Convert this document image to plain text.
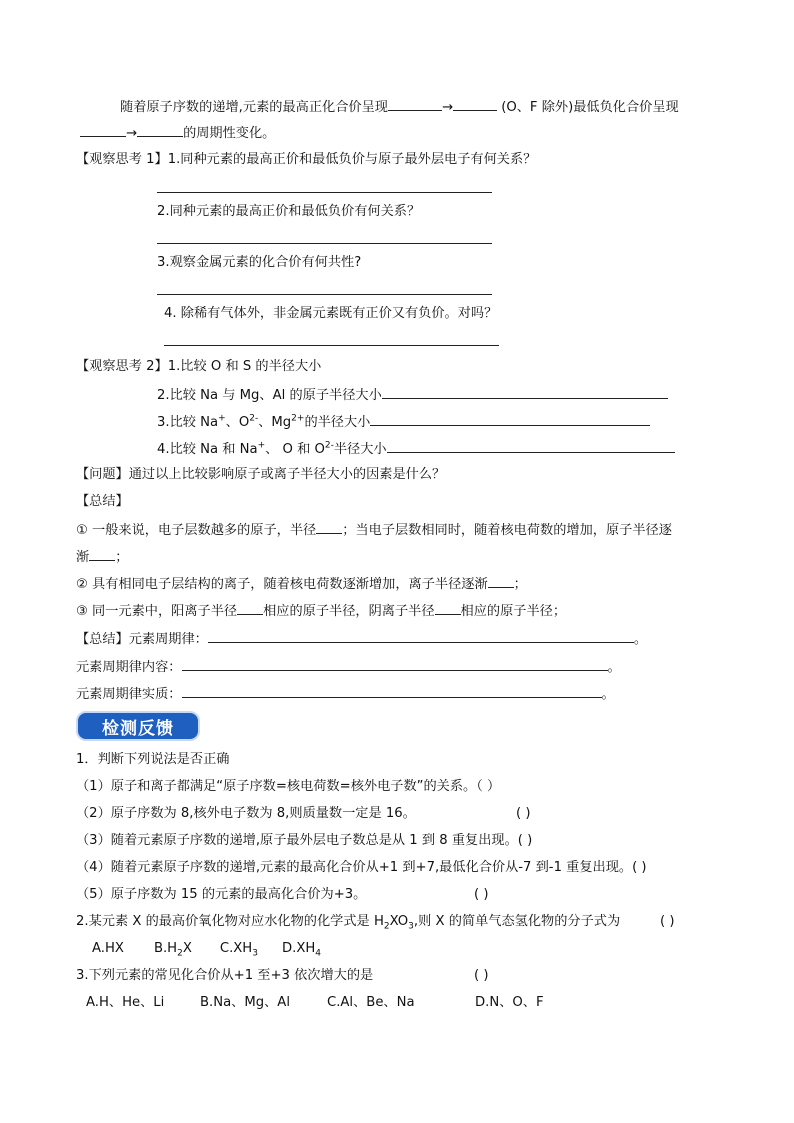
随着原子序数的递增,元素的最高正化合价呈现	→	(O、F 除外)最低负化合价呈现
→	的周期性变化。
【观察思考 1】1.同种元素的最高正价和最低负价与原子最外层电子有何关系？
2.同种元素的最高正价和最低负价有何关系？
3.观察金属元素的化合价有何共性?
4. 除稀有气体外，非金属元素既有正价又有负价。对吗？
【观察思考 2】1.比较 O 和 S 的半径大小
2.比较 Na 与 Mg、Al 的原子半径大小
3.比较 Na+、$O^{2-}$、$Mg^{2+}$的半径大小
4.比较 Na 和 Na+、 O 和 $O^{2-}$半径大小
【问题】通过以上比较影响原子或离子半径大小的因素是什么？
【总结】
① 一般来说，电子层数越多的原子，半径 ；当电子层数相同时，随着核电荷数的增加，原子半径逐
渐 ；
② 具有相同电子层结构的离子，随着核电荷数逐渐增加，离子半径逐渐 ；
③ 同一元素中，阳离子半径 相应的原子半径，阴离子半径 相应的原子半径；
【总结】元素周期律：	。
元素周期律内容：	。
元素周期律实质：	。
检测反馈
1．判断下列说法是否正确
（1）原子和离子都满足“原子序数=核电荷数=核外电子数”的关系。（ ）
（2）原子序数为 8,核外电子数为 8,则质量数一定是 16。	( )
（3）随着元素原子序数的递增,原子最外层电子数总是从 1 到 8 重复出现。( )
（4）随着元素原子序数的递增,元素的最高化合价从+1 到+7,最低化合价从-7 到-1 重复出现。( )
（5）原子序数为 15 的元素的最高化合价为+3。	( )
2.某元素 X 的最高价氧化物对应水化物的化学式是 $H_2XO_3$,则 X 的简单气态氢化物的分子式为	( )
A.HX $B.H_2X$ $C.XH_3$ $D.XH_4$
3.下列元素的常见化合价从+1 至+3 依次增大的是	( )
A.H、He、Li	B.Na、Mg、Al	C.Al、Be、Na	D.N、O、F
